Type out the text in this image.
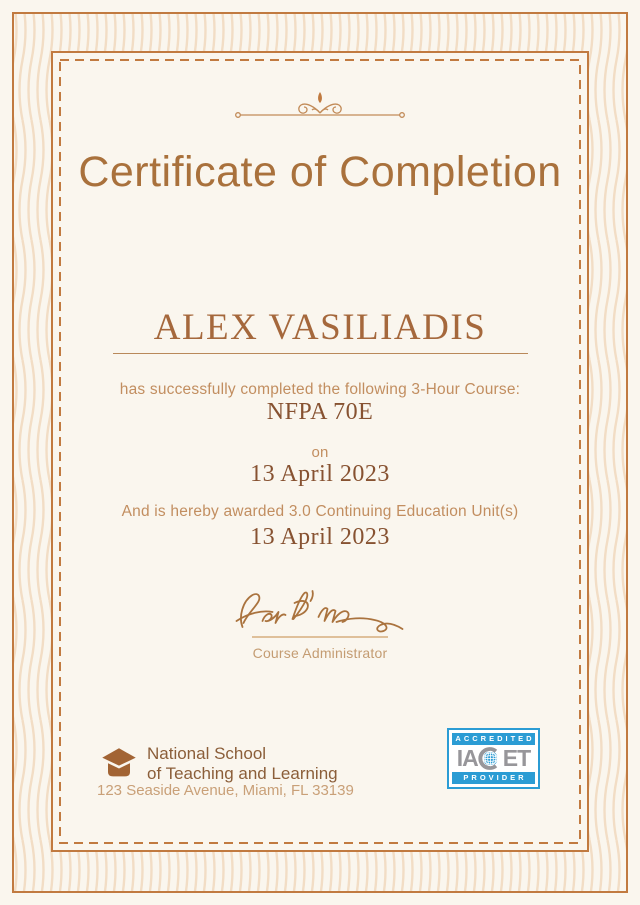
Certificate of Completion
ALEX VASILIADIS
has successfully completed the following 3-Hour Course:
NFPA 70E
on
13 April 2023
And is hereby awarded 3.0 Continuing Education Unit(s)
13 April 2023
Course Administrator
National School
of Teaching and Learning
123 Seaside Avenue, Miami, FL 33139
ACCREDITED
IA ET
PROVIDER
